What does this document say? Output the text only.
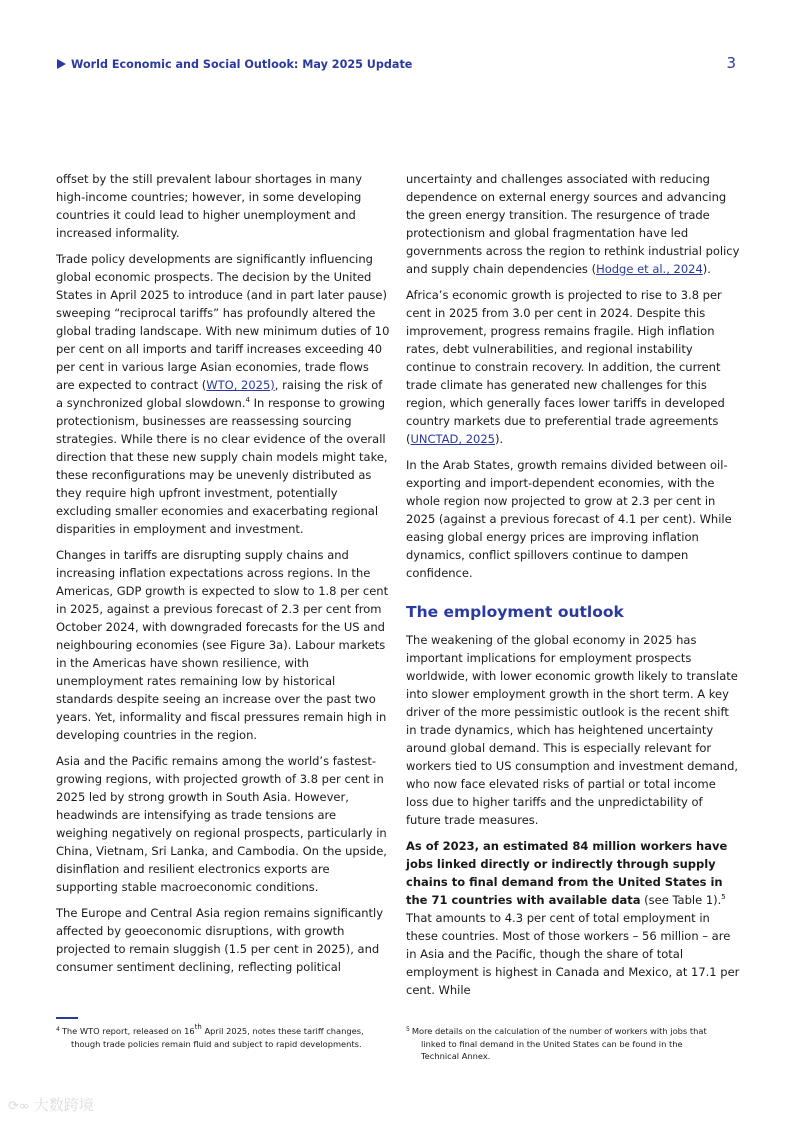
World Economic and Social Outlook: May 2025 Update	3

offset by the still prevalent labour shortages in many high-income countries; however, in some developing countries it could lead to higher unemployment and increased informality.

Trade policy developments are significantly influencing global economic prospects. The decision by the United States in April 2025 to introduce (and in part later pause) sweeping “reciprocal tariffs” has profoundly altered the global trading landscape. With new minimum duties of 10 per cent on all imports and tariff increases exceeding 40 per cent in various large Asian economies, trade flows are expected to contract (WTO, 2025), raising the risk of a synchronized global slowdown.$^4$ In response to growing protectionism, businesses are reassessing sourcing strategies. While there is no clear evidence of the overall direction that these new supply chain models might take, these reconfigurations may be unevenly distributed as they require high upfront investment, potentially excluding smaller economies and exacerbating regional disparities in employment and investment.

Changes in tariffs are disrupting supply chains and increasing inflation expectations across regions. In the Americas, GDP growth is expected to slow to 1.8 per cent in 2025, against a previous forecast of 2.3 per cent from October 2024, with downgraded forecasts for the US and neighbouring economies (see Figure 3a). Labour markets in the Americas have shown resilience, with unemployment rates remaining low by historical standards despite seeing an increase over the past two years. Yet, informality and fiscal pressures remain high in developing countries in the region.

Asia and the Pacific remains among the world’s fastest-growing regions, with projected growth of 3.8 per cent in 2025 led by strong growth in South Asia. However, headwinds are intensifying as trade tensions are weighing negatively on regional prospects, particularly in China, Vietnam, Sri Lanka, and Cambodia. On the upside, disinflation and resilient electronics exports are supporting stable macroeconomic conditions.

The Europe and Central Asia region remains significantly affected by geoeconomic disruptions, with growth projected to remain sluggish (1.5 per cent in 2025), and consumer sentiment declining, reflecting political

uncertainty and challenges associated with reducing dependence on external energy sources and advancing the green energy transition. The resurgence of trade protectionism and global fragmentation have led governments across the region to rethink industrial policy and supply chain dependencies (Hodge et al., 2024).

Africa’s economic growth is projected to rise to 3.8 per cent in 2025 from 3.0 per cent in 2024. Despite this improvement, progress remains fragile. High inflation rates, debt vulnerabilities, and regional instability continue to constrain recovery. In addition, the current trade climate has generated new challenges for this region, which generally faces lower tariffs in developed country markets due to preferential trade agreements (UNCTAD, 2025).

In the Arab States, growth remains divided between oil-exporting and import-dependent economies, with the whole region now projected to grow at 2.3 per cent in 2025 (against a previous forecast of 4.1 per cent). While easing global energy prices are improving inflation dynamics, conflict spillovers continue to dampen confidence.

The employment outlook

The weakening of the global economy in 2025 has important implications for employment prospects worldwide, with lower economic growth likely to translate into slower employment growth in the short term. A key driver of the more pessimistic outlook is the recent shift in trade dynamics, which has heightened uncertainty around global demand. This is especially relevant for workers tied to US consumption and investment demand, who now face elevated risks of partial or total income loss due to higher tariffs and the unpredictability of future trade measures.

As of 2023, an estimated 84 million workers have jobs linked directly or indirectly through supply chains to final demand from the United States in the 71 countries with available data (see Table 1).$^5$ That amounts to 4.3 per cent of total employment in these countries. Most of those workers – 56 million – are in Asia and the Pacific, though the share of total employment is highest in Canada and Mexico, at 17.1 per cent. While

$^4$ The WTO report, released on 16th April 2025, notes these tariff changes,
though trade policies remain fluid and subject to rapid developments.
$^5$ More details on the calculation of the number of workers with jobs that
linked to final demand in the United States can be found in the
Technical Annex.
⟳∞ 大数跨境
